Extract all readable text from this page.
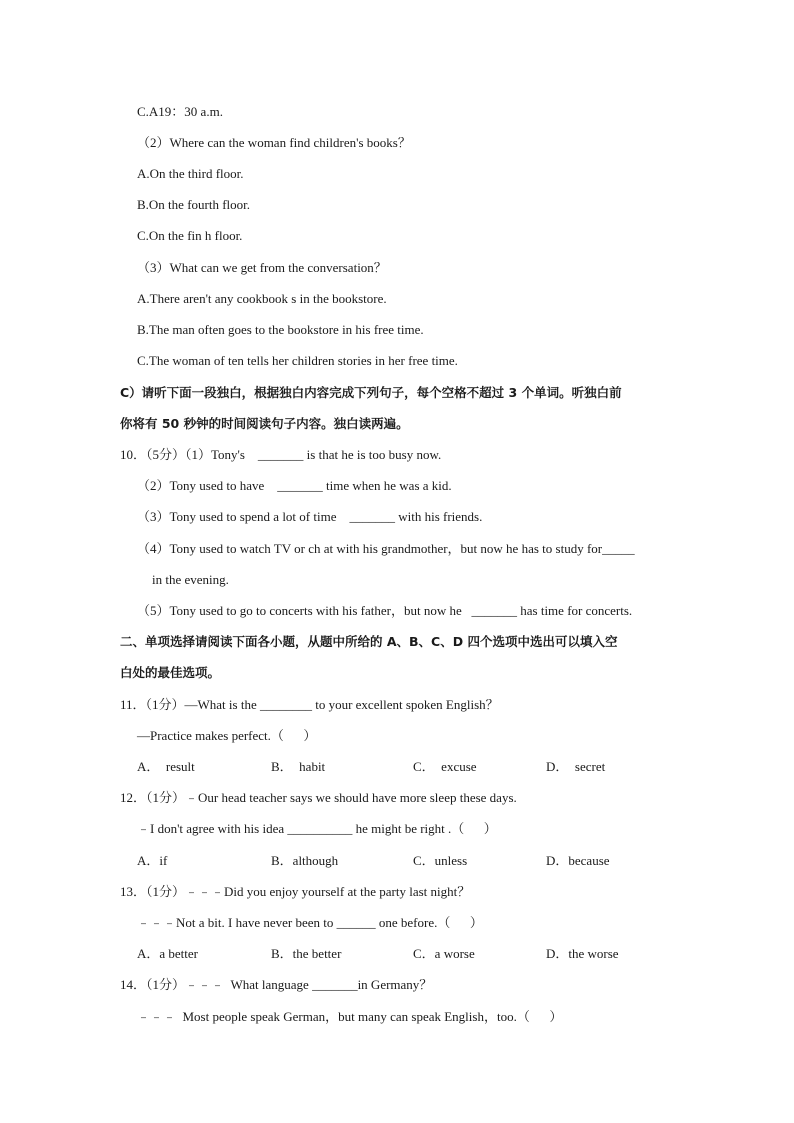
C.A19：30 a.m.
（2）Where can the woman find children's books？
A.On the third floor.
B.On the fourth floor.
C.On the fin h floor.
（3）What can we get from the conversation？
A.There aren't any cookbook s in the bookstore.
B.The man often goes to the bookstore in his free time.
C.The woman of ten tells her children stories in her free time.
C）请听下面一段独白，根据独白内容完成下列句子，每个空格不超过 3 个单词。听独白前
你将有 50 秒钟的时间阅读句子内容。独白读两遍。
10．（5分）（1）Tony's    _______ is that he is too busy now.
（2）Tony used to have    _______ time when he was a kid.
（3）Tony used to spend a lot of time    _______ with his friends.
（4）Tony used to watch TV or ch at with his grandmother，but now he has to study for_____
in the evening.
（5）Tony used to go to concerts with his father，but now he   _______ has time for concerts.
二、单项选择请阅读下面各小题，从题中所给的 A、B、C、D 四个选项中选出可以填入空
白处的最佳选项。
11．（1分）—What is the ________ to your excellent spoken English？
—Practice makes perfect.（      ）
A．  result	B．  habit	C．  excuse	D．  secret
12．（1分）﹣Our head teacher says we should have more sleep these days.
﹣I don't agree with his idea __________ he might be right .（      ）
A．if	B．although	C．unless	D．because
13．（1分）﹣﹣﹣Did you enjoy yourself at the party last night？
﹣﹣﹣Not a bit. I have never been to ______ one before.（      ）
A．a better	B．the better	C．a worse	D．the worse
14．（1分）﹣﹣﹣  What language _______in Germany？
﹣﹣﹣  Most people speak German，but many can speak English，too.（      ）
